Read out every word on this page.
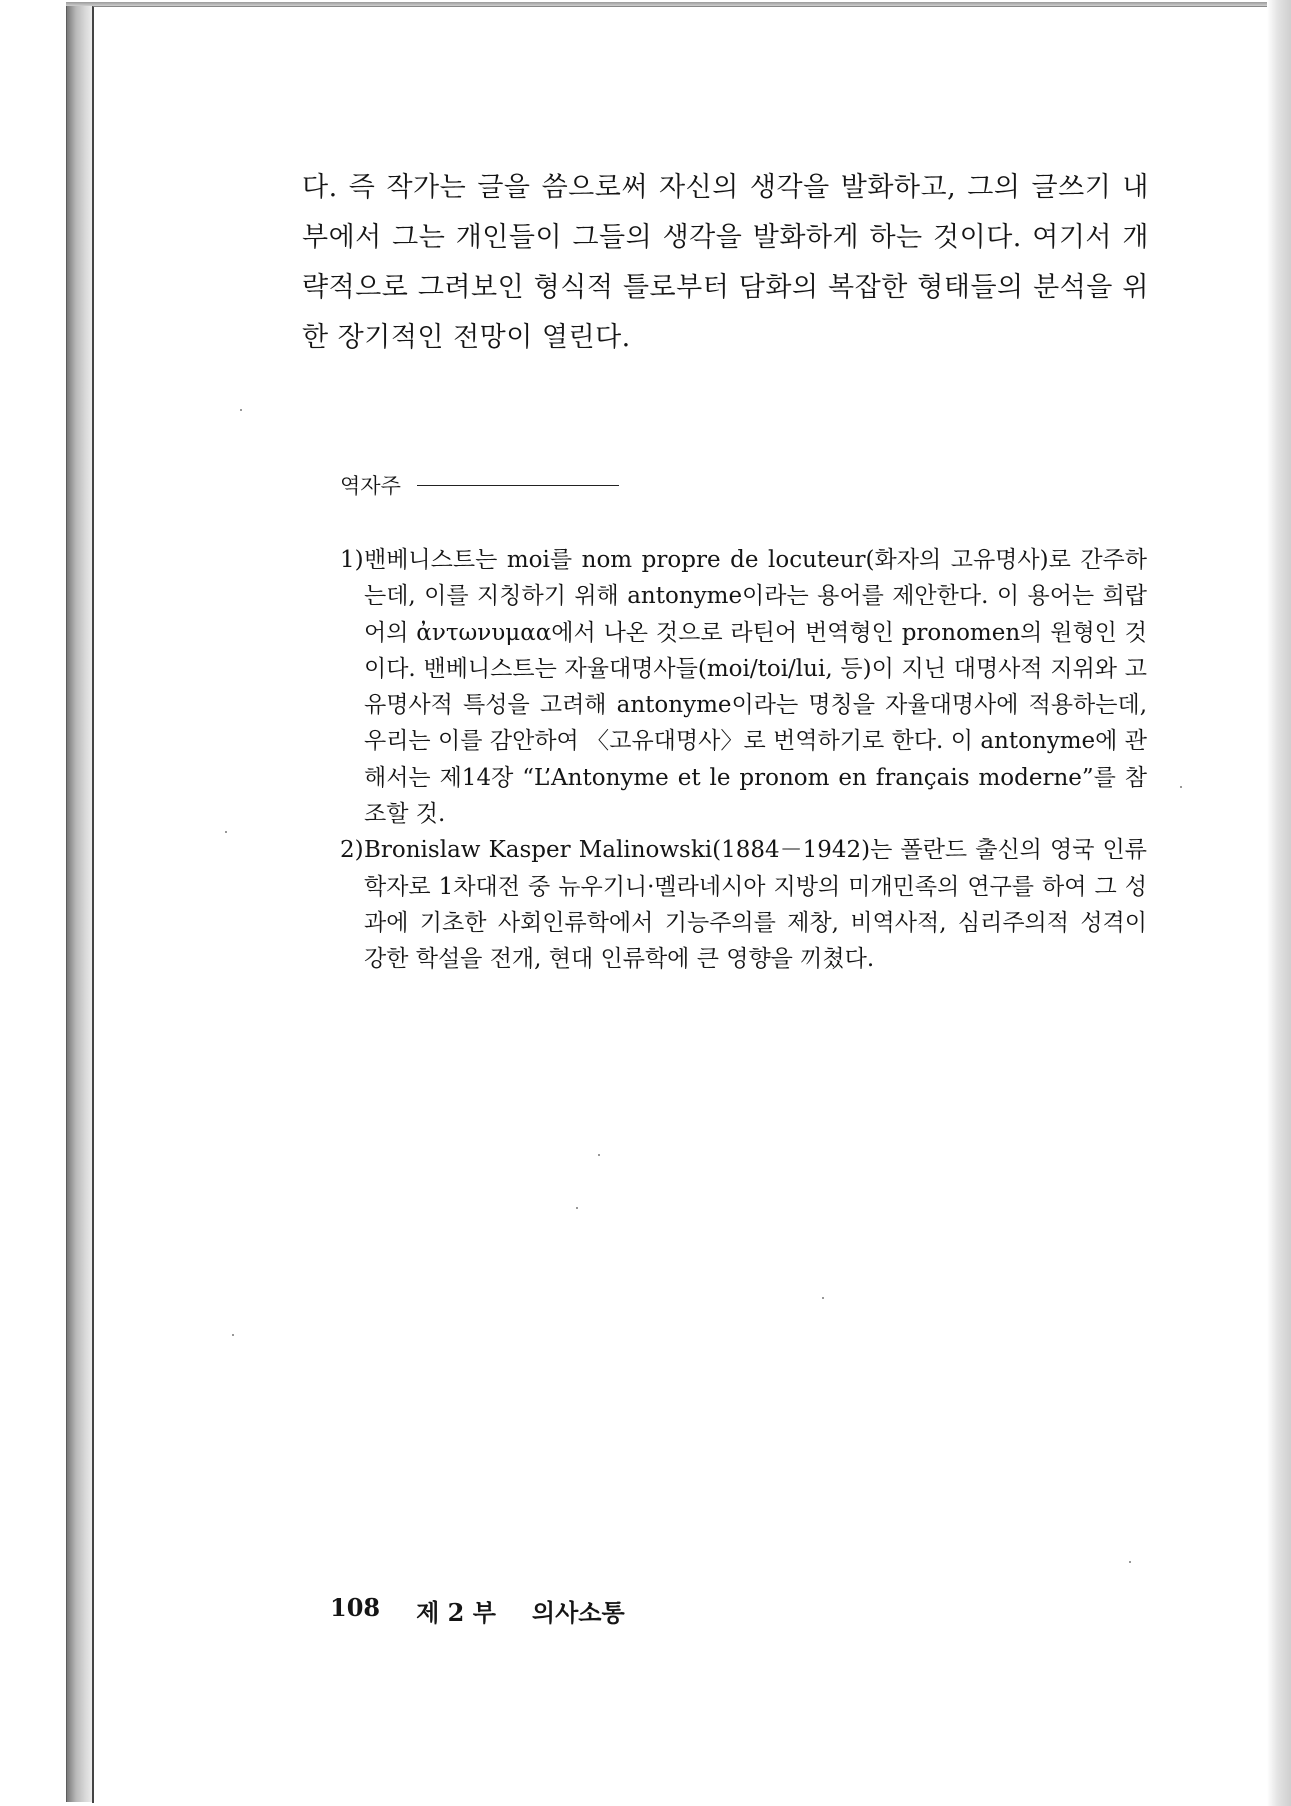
다. 즉 작가는 글을 씀으로써 자신의 생각을 발화하고, 그의 글쓰기 내부에서 그는 개인들이 그들의 생각을 발화하게 하는 것이다. 여기서 개략적으로 그려보인 형식적 틀로부터 담화의 복잡한 형태들의 분석을 위한 장기적인 전망이 열린다.

역자주
1) 밴베니스트는 moi를 nom propre de locuteur(화자의 고유명사)로 간주하는데, 이를 지칭하기 위해 antonyme이라는 용어를 제안한다. 이 용어는 희랍어의 ἀντωνυμαα에서 나온 것으로 라틴어 번역형인 pronomen의 원형인 것이다. 밴베니스트는 자율대명사들(moi/toi/lui, 등)이 지닌 대명사적 지위와 고유명사적 특성을 고려해 antonyme이라는 명칭을 자율대명사에 적용하는데, 우리는 이를 감안하여 〈고유대명사〉로 번역하기로 한다. 이 antonyme에 관해서는 제14장 “L’Antonyme et le pronom en français moderne”를 참조할 것.
2) Bronislaw Kasper Malinowski(1884－1942)는 폴란드 출신의 영국 인류학자로 1차대전 중 뉴우기니·멜라네시아 지방의 미개민족의 연구를 하여 그 성과에 기초한 사회인류학에서 기능주의를 제창, 비역사적, 심리주의적 성격이 강한 학설을 전개, 현대 인류학에 큰 영향을 끼쳤다.
108 제 2 부 의사소통
